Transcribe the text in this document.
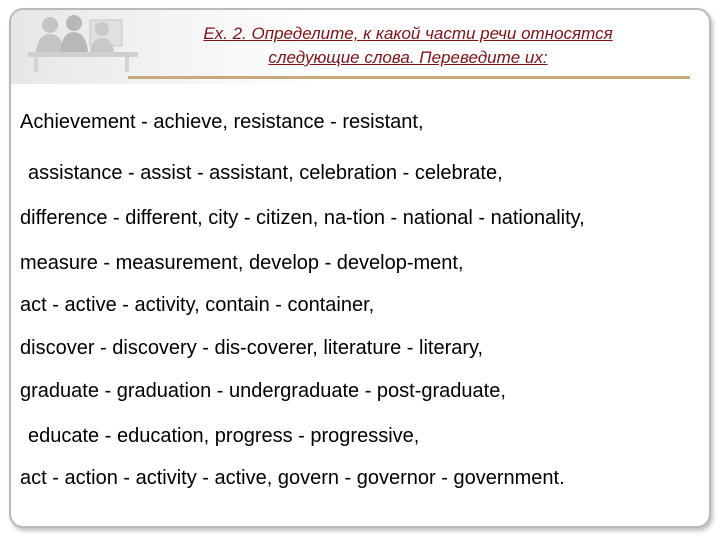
Ex. 2. Определите, к какой части речи относятся
следующие слова. Переведите их:
Achievement - achieve, resistance - resistant,
assistance - assist - assistant, celebration - celebrate,
difference - different, city - citizen, na-tion - national - nationality,
measure - measurement, develop - develop-ment,
act - active - activity, contain - container,
discover - discovery - dis-coverer, literature - literary,
graduate - graduation - undergraduate - post-graduate,
educate - education, progress - progressive,
act - action - activity - active, govern - governor - government.
